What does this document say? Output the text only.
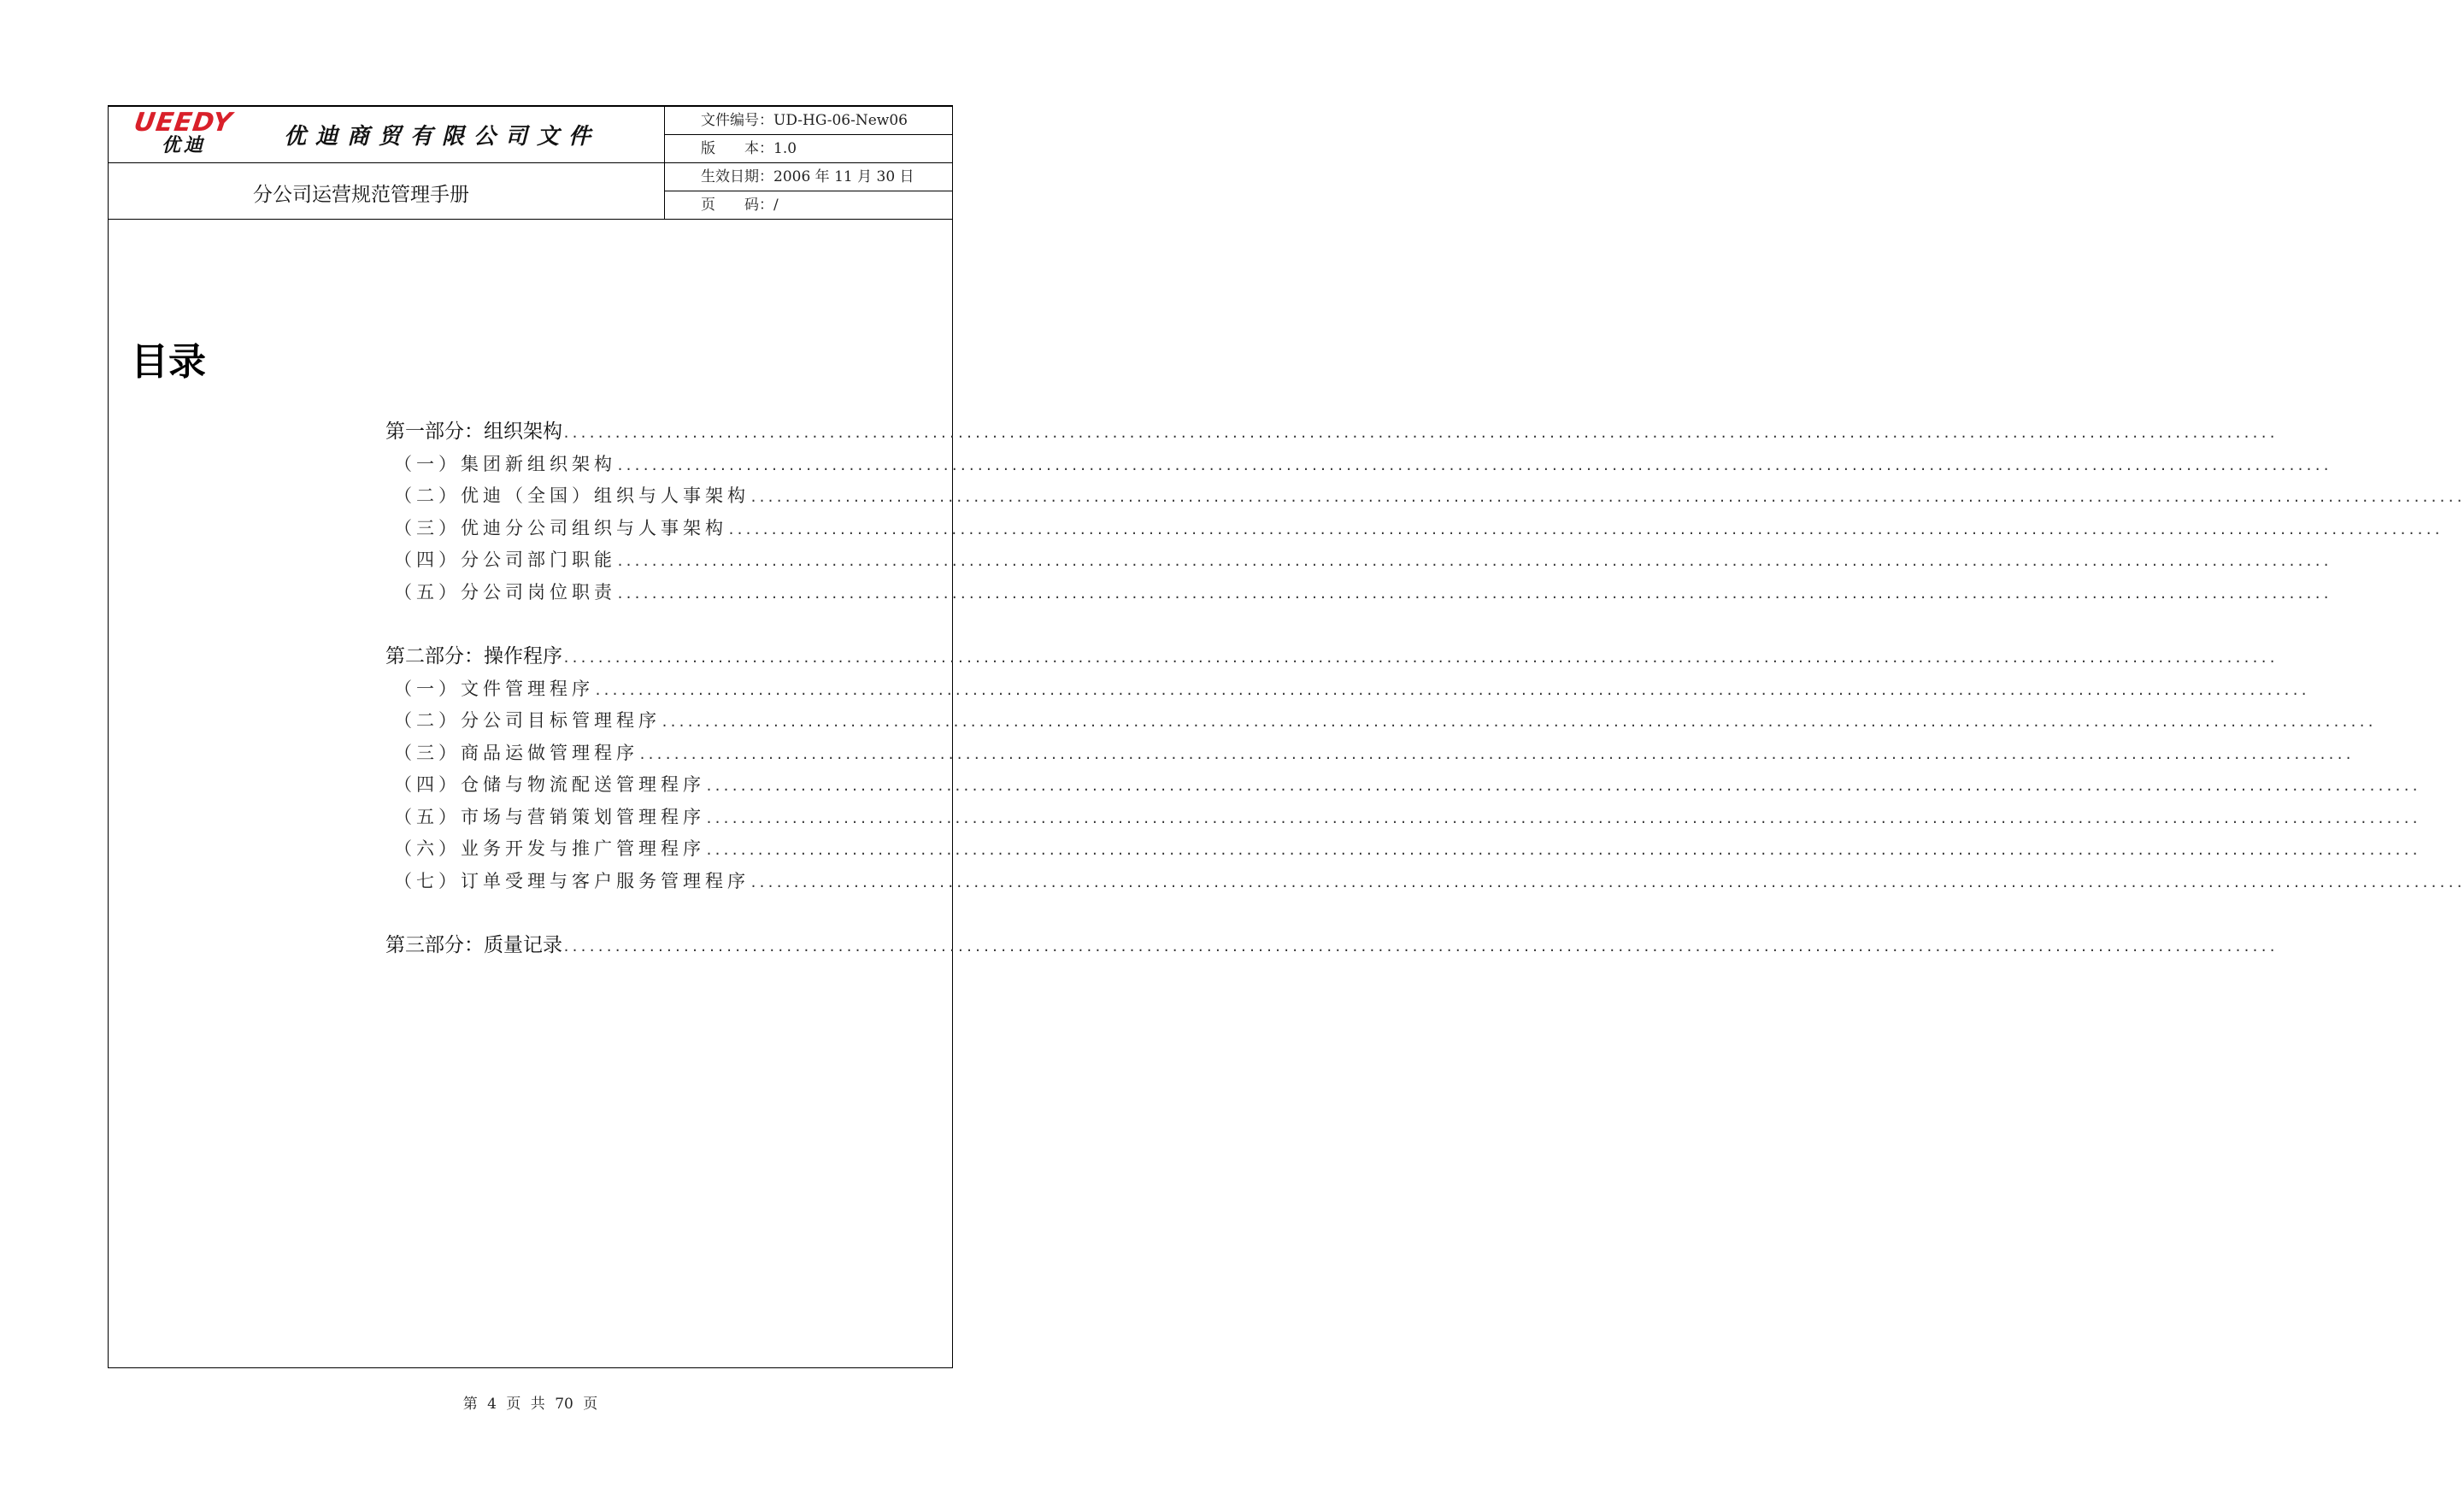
UEEDY
优迪	优迪商贸有限公司文件
分公司运营规范管理手册
文件编号：UD-HG-06-New06
版　　本：1.0
生效日期：2006 年 11 月 30 日
页　　码：/
目录
第一部分：组织架构 ........................................................................................................................................................................................................
（一）集团新组织架构 ........................................................................................................................................................................................................
（二）优迪（全国）组织与人事架构 ........................................................................................................................................................................................................
（三）优迪分公司组织与人事架构 ........................................................................................................................................................................................................
（四）分公司部门职能 ........................................................................................................................................................................................................
（五）分公司岗位职责 ........................................................................................................................................................................................................
第二部分：操作程序 ........................................................................................................................................................................................................
（一）文件管理程序 ........................................................................................................................................................................................................
（二）分公司目标管理程序 ........................................................................................................................................................................................................
（三）商品运做管理程序 ........................................................................................................................................................................................................
（四）仓储与物流配送管理程序 ........................................................................................................................................................................................................
（五）市场与营销策划管理程序 ........................................................................................................................................................................................................
（六）业务开发与推广管理程序 ........................................................................................................................................................................................................
（七）订单受理与客户服务管理程序 ........................................................................................................................................................................................................
第三部分：质量记录 ........................................................................................................................................................................................................
第 4 页 共 70 页
